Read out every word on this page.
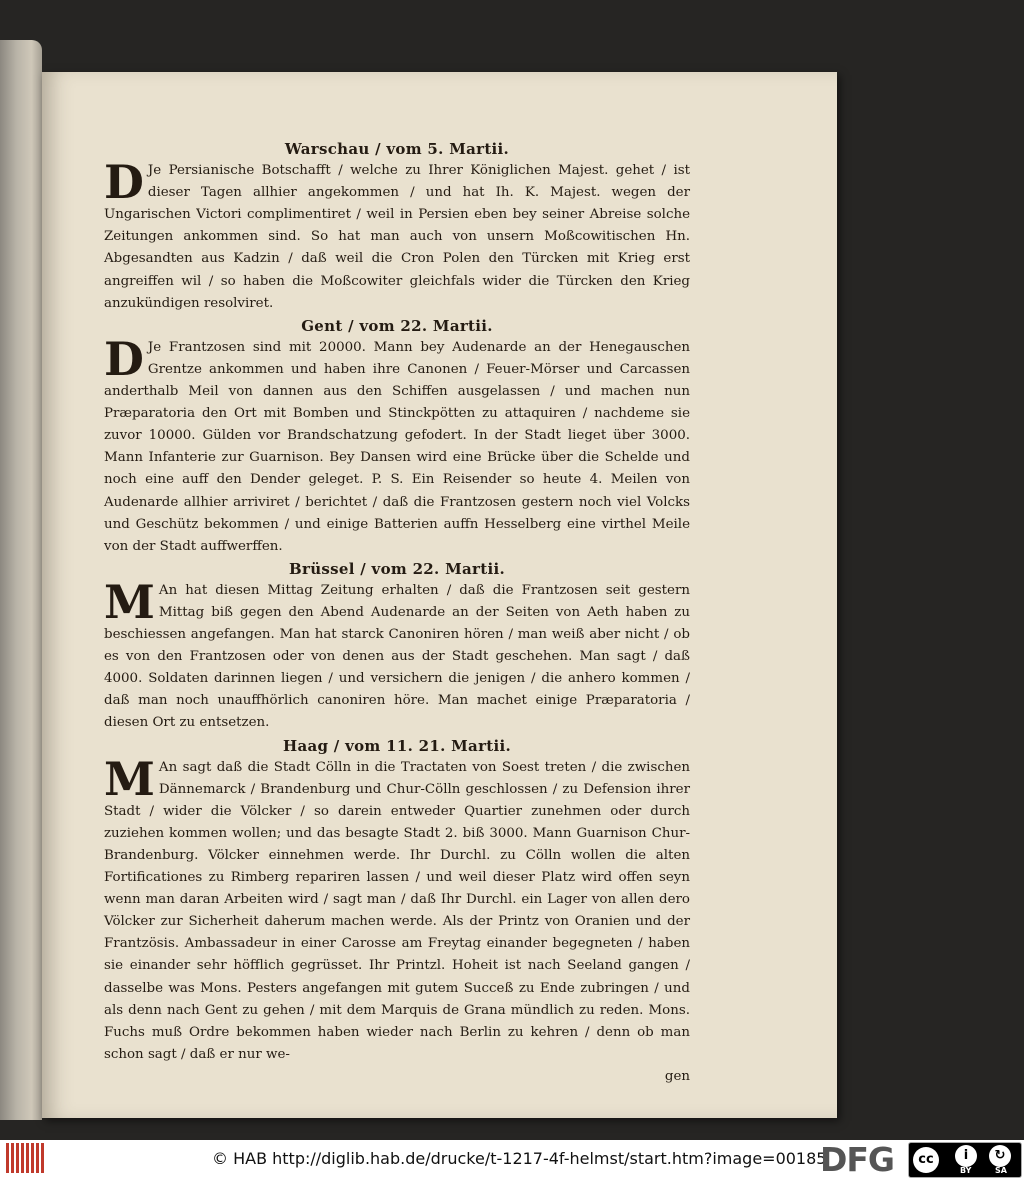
Warschau / vom 5. Martii.

D Je Persianische Botschafft / welche zu Ihrer Königlichen Majest. gehet / ist dieser Tagen allhier angekommen / und hat Ih. K. Majest. wegen der Ungarischen Victori complimentiret / weil in Persien eben bey seiner Abreise solche Zeitungen ankommen sind. So hat man auch von unsern Moßcowitischen Hn. Abgesandten aus Kadzin / daß weil die Cron Polen den Türcken mit Krieg erst angreiffen wil / so haben die Moßcowiter gleichfals wider die Türcken den Krieg anzukündigen resolviret.

Gent / vom 22. Martii.

D Je Frantzosen sind mit 20000. Mann bey Audenarde an der Henegauschen Grentze ankommen und haben ihre Canonen / Feuer-Mörser und Carcassen anderthalb Meil von dannen aus den Schiffen ausgelassen / und machen nun Præparatoria den Ort mit Bomben und Stinckpötten zu attaquiren / nachdeme sie zuvor 10000. Gülden vor Brandschatzung gefodert. In der Stadt lieget über 3000. Mann Infanterie zur Guarnison. Bey Dansen wird eine Brücke über die Schelde und noch eine auff den Dender geleget. P. S. Ein Reisender so heute 4. Meilen von Audenarde allhier arriviret / berichtet / daß die Frantzosen gestern noch viel Volcks und Geschütz bekommen / und einige Batterien auffn Hesselberg eine virthel Meile von der Stadt auffwerffen.

Brüssel / vom 22. Martii.

M An hat diesen Mittag Zeitung erhalten / daß die Frantzosen seit gestern Mittag biß gegen den Abend Audenarde an der Seiten von Aeth haben zu beschiessen angefangen. Man hat starck Canoniren hören / man weiß aber nicht / ob es von den Frantzosen oder von denen aus der Stadt geschehen. Man sagt / daß 4000. Soldaten darinnen liegen / und versichern die jenigen / die anhero kommen / daß man noch unauffhörlich canoniren höre. Man machet einige Præparatoria / diesen Ort zu entsetzen.

Haag / vom 11. 21. Martii.

M An sagt daß die Stadt Cölln in die Tractaten von Soest treten / die zwischen Dännemarck / Brandenburg und Chur-Cölln geschlossen / zu Defension ihrer Stadt / wider die Völcker / so darein entweder Quartier zunehmen oder durch zuziehen kommen wollen; und das besagte Stadt 2. biß 3000. Mann Guarnison Chur-Brandenburg. Völcker einnehmen werde. Ihr Durchl. zu Cölln wollen die alten Fortificationes zu Rimberg repariren lassen / und weil dieser Platz wird offen seyn wenn man daran Arbeiten wird / sagt man / daß Ihr Durchl. ein Lager von allen dero Völcker zur Sicherheit daherum machen werde. Als der Printz von Oranien und der Frantzösis. Ambassadeur in einer Carosse am Freytag einander begegneten / haben sie einander sehr höfflich gegrüsset. Ihr Printzl. Hoheit ist nach Seeland gangen / dasselbe was Mons. Pesters angefangen mit gutem Succeß zu Ende zubringen / und als denn nach Gent zu gehen / mit dem Marquis de Grana mündlich zu reden. Mons. Fuchs muß Ordre bekommen haben wieder nach Berlin zu kehren / denn ob man schon sagt / daß er nur we-

gen

© HAB http://diglib.hab.de/drucke/t-1217-4f-helmst/start.htm?image=00185
DFG	cc	i	↻
BY	SA
